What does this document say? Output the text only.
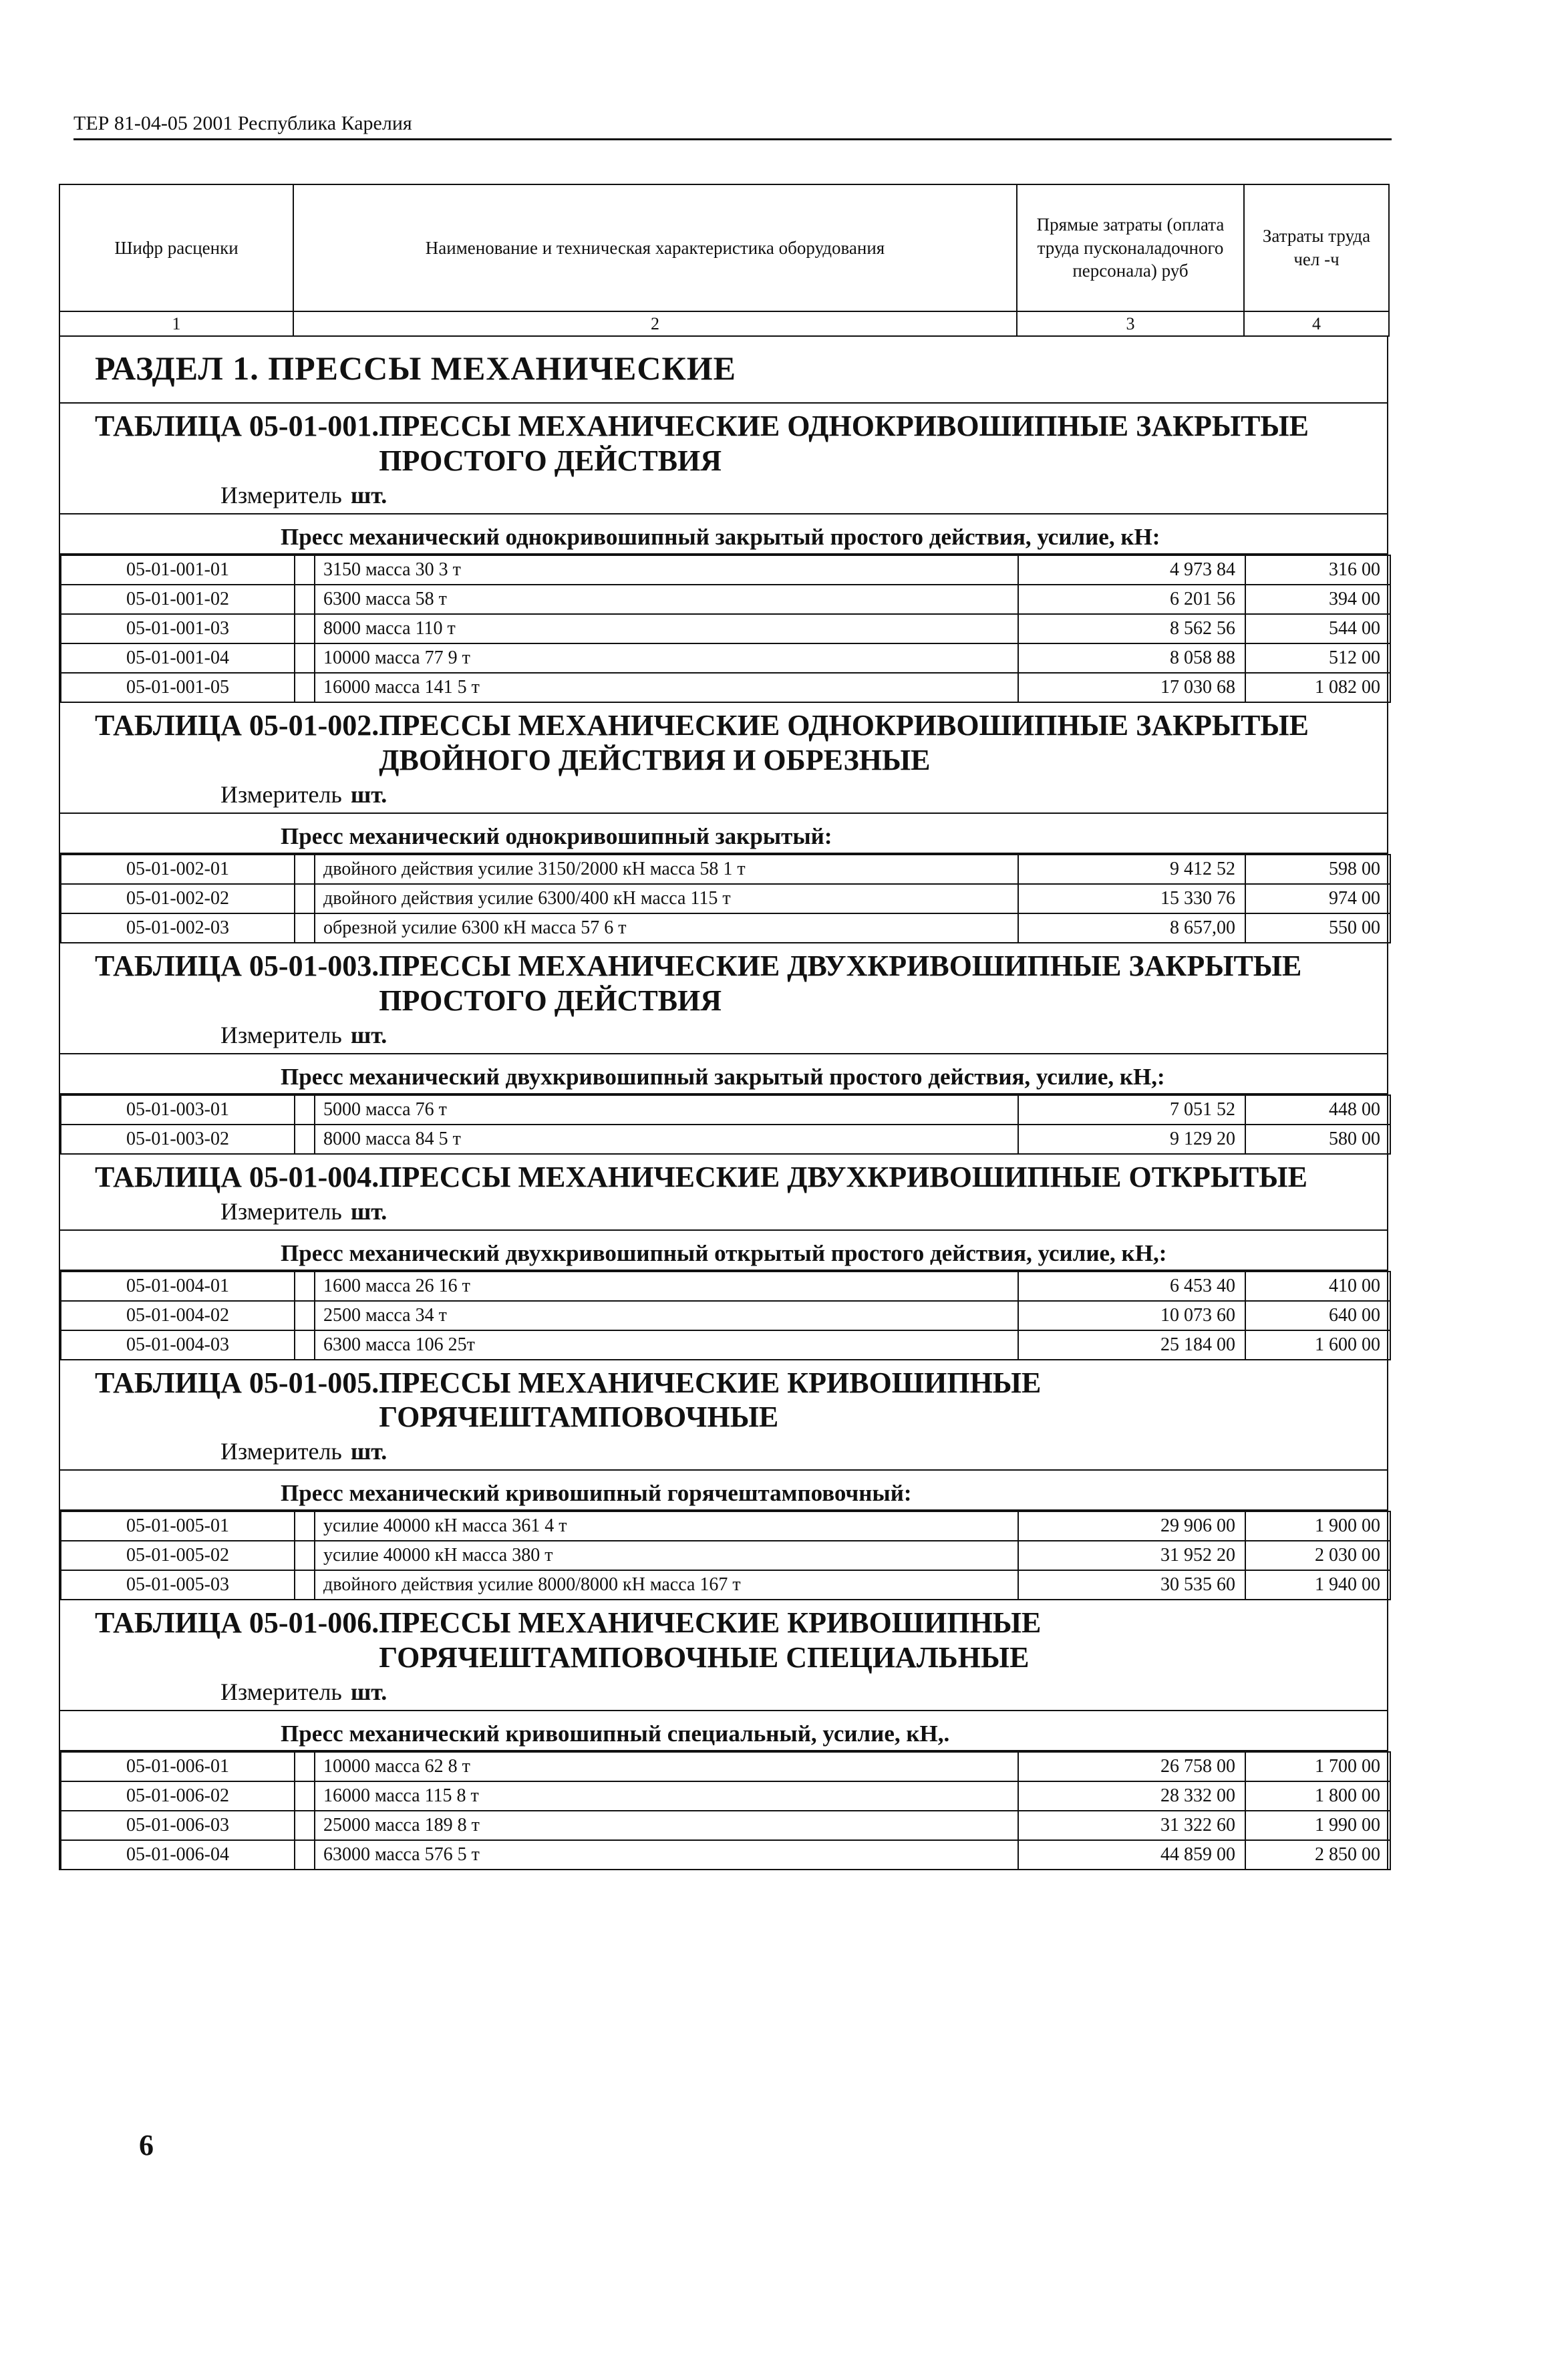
ТЕР 81-04-05 2001 Республика Карелия
Шифр расценки	Наименование и техническая характеристика оборудования	Прямые затраты (оплата труда пусконаладочного персонала) руб	Затраты труда чел -ч
1	2	3	4
РАЗДЕЛ 1. ПРЕССЫ МЕХАНИЧЕСКИЕ
ТАБЛИЦА 05-01-001. ПРЕССЫ МЕХАНИЧЕСКИЕ ОДНОКРИВОШИПНЫЕ ЗАКРЫТЫЕ ПРОСТОГО ДЕЙСТВИЯ
Измеритель шт.
Пресс механический однокривошипный закрытый простого действия, усилие, кН:
05-01-001-01		3150 масса 30 3 т	4 973 84	316 00
05-01-001-02		6300 масса 58 т	6 201 56	394 00
05-01-001-03		8000 масса 110 т	8 562 56	544 00
05-01-001-04		10000 масса 77 9 т	8 058 88	512 00
05-01-001-05		16000 масса 141 5 т	17 030 68	1 082 00
ТАБЛИЦА 05-01-002. ПРЕССЫ МЕХАНИЧЕСКИЕ ОДНОКРИВОШИПНЫЕ ЗАКРЫТЫЕ ДВОЙНОГО ДЕЙСТВИЯ И ОБРЕЗНЫЕ
Измеритель шт.
Пресс механический однокривошипный закрытый:
05-01-002-01		двойного действия усилие 3150/2000 кН масса 58 1 т	9 412 52	598 00
05-01-002-02		двойного действия усилие 6300/400 кН масса 115 т	15 330 76	974 00
05-01-002-03		обрезной усилие 6300 кН масса 57 6 т	8 657,00	550 00
ТАБЛИЦА 05-01-003. ПРЕССЫ МЕХАНИЧЕСКИЕ ДВУХКРИВОШИПНЫЕ ЗАКРЫТЫЕ ПРОСТОГО ДЕЙСТВИЯ
Измеритель шт.
Пресс механический двухкривошипный закрытый простого действия, усилие, кН,:
05-01-003-01		5000 масса 76 т	7 051 52	448 00
05-01-003-02		8000 масса 84 5 т	9 129 20	580 00
ТАБЛИЦА 05-01-004. ПРЕССЫ МЕХАНИЧЕСКИЕ ДВУХКРИВОШИПНЫЕ ОТКРЫТЫЕ
Измеритель шт.
Пресс механический двухкривошипный открытый простого действия, усилие, кН,:
05-01-004-01		1600 масса 26 16 т	6 453 40	410 00
05-01-004-02		2500 масса 34 т	10 073 60	640 00
05-01-004-03		6300 масса 106 25т	25 184 00	1 600 00
ТАБЛИЦА 05-01-005. ПРЕССЫ МЕХАНИЧЕСКИЕ КРИВОШИПНЫЕ ГОРЯЧЕШТАМПОВОЧНЫЕ
Измеритель шт.
Пресс механический кривошипный горячештамповочный:
05-01-005-01		усилие 40000 кН масса 361 4 т	29 906 00	1 900 00
05-01-005-02		усилие 40000 кН масса 380 т	31 952 20	2 030 00
05-01-005-03		двойного действия усилие 8000/8000 кН масса 167 т	30 535 60	1 940 00
ТАБЛИЦА 05-01-006. ПРЕССЫ МЕХАНИЧЕСКИЕ КРИВОШИПНЫЕ ГОРЯЧЕШТАМПОВОЧНЫЕ СПЕЦИАЛЬНЫЕ
Измеритель шт.
Пресс механический кривошипный специальный, усилие, кН,.
05-01-006-01		10000 масса 62 8 т	26 758 00	1 700 00
05-01-006-02		16000 масса 115 8 т	28 332 00	1 800 00
05-01-006-03		25000 масса 189 8 т	31 322 60	1 990 00
05-01-006-04		63000 масса 576 5 т	44 859 00	2 850 00
6
